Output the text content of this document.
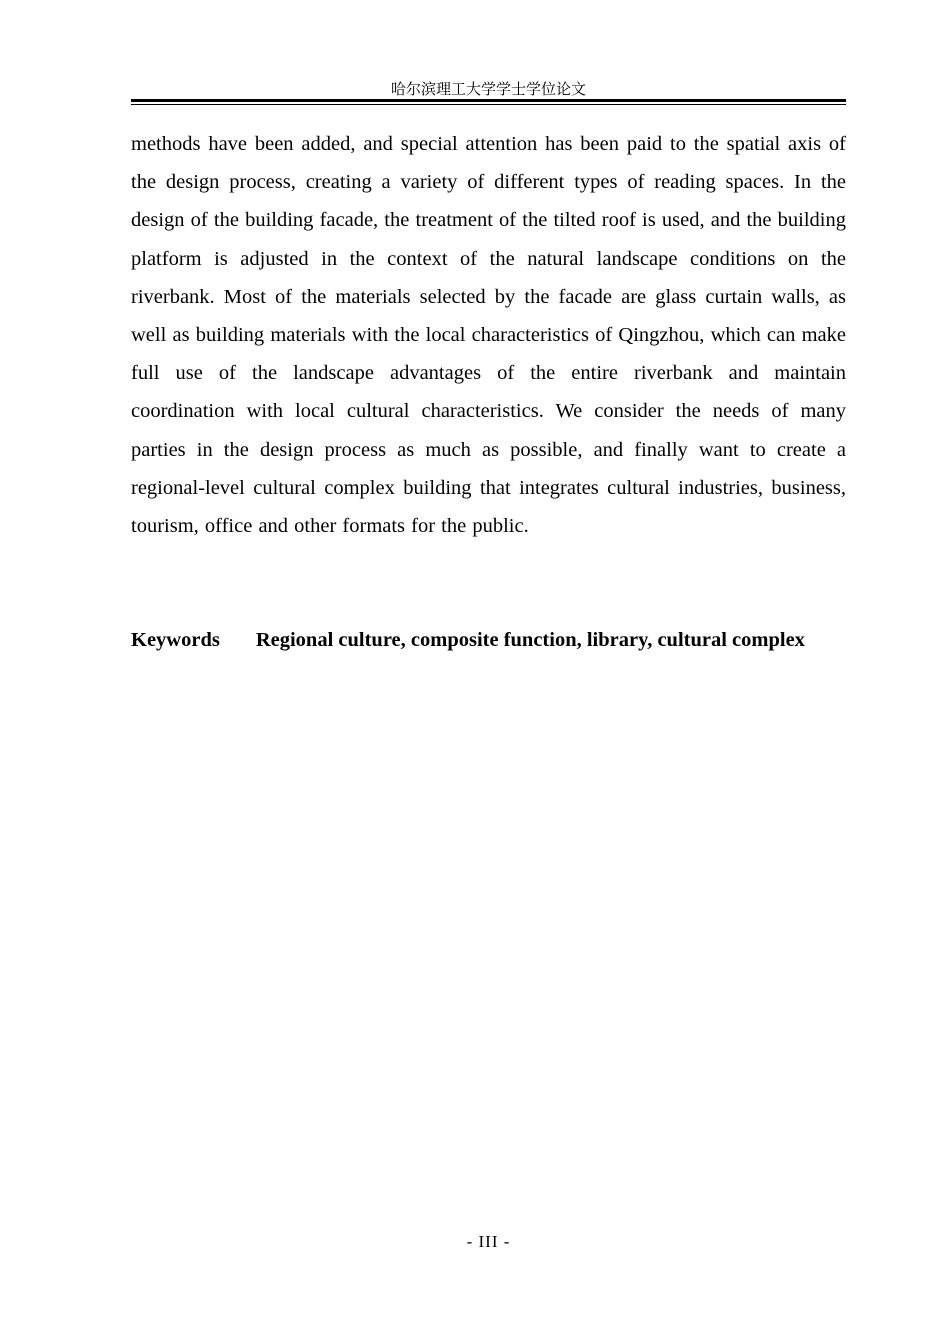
哈尔滨理工大学学士学位论文

methods have been added, and special attention has been paid to the spatial axis of the design process, creating a variety of different types of reading spaces. In the design of the building facade, the treatment of the tilted roof is used, and the building platform is adjusted in the context of the natural landscape conditions on the riverbank. Most of the materials selected by the facade are glass curtain walls, as well as building materials with the local characteristics of Qingzhou, which can make full use of the landscape advantages of the entire riverbank and maintain coordination with local cultural characteristics. We consider the needs of many parties in the design process as much as possible, and finally want to create a regional-level cultural complex building that integrates cultural industries, business, tourism, office and other formats for the public.

Keywords Regional culture, composite function, library, cultural complex

- III -
